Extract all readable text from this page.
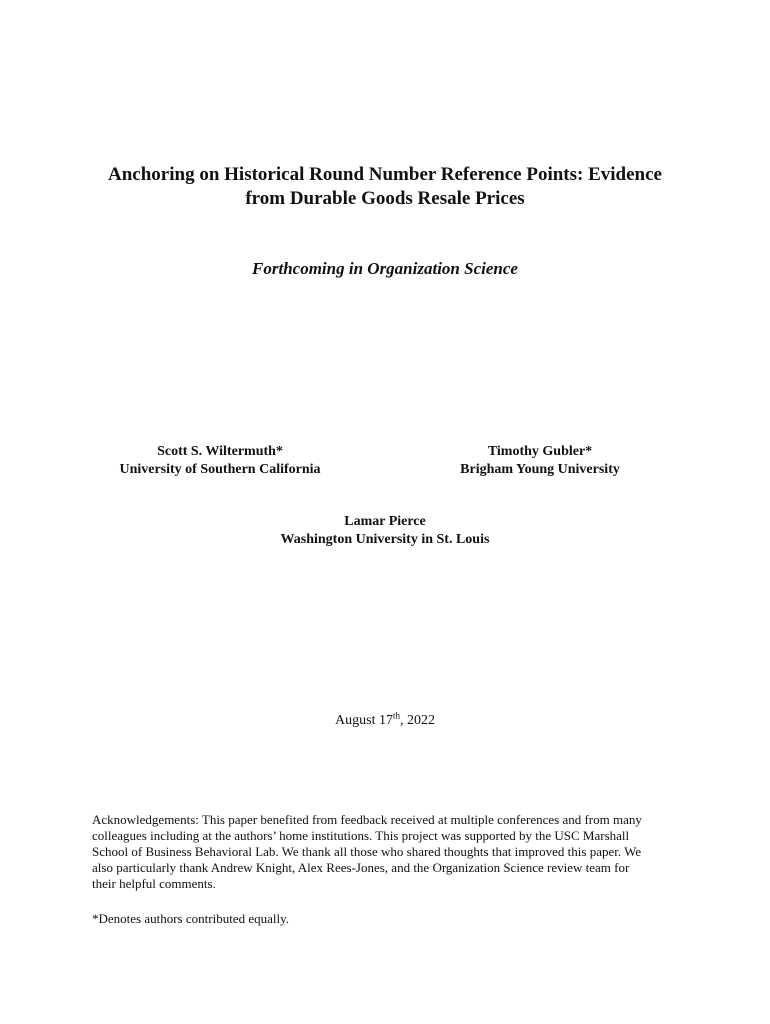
Anchoring on Historical Round Number Reference Points: Evidence
from Durable Goods Resale Prices
Forthcoming in Organization Science
Scott S. Wiltermuth*
University of Southern California
Timothy Gubler*
Brigham Young University
Lamar Pierce
Washington University in St. Louis
August 17th, 2022
Acknowledgements: This paper benefited from feedback received at multiple conferences and from many
colleagues including at the authors’ home institutions. This project was supported by the USC Marshall
School of Business Behavioral Lab. We thank all those who shared thoughts that improved this paper. We
also particularly thank Andrew Knight, Alex Rees-Jones, and the Organization Science review team for
their helpful comments.
*Denotes authors contributed equally.
